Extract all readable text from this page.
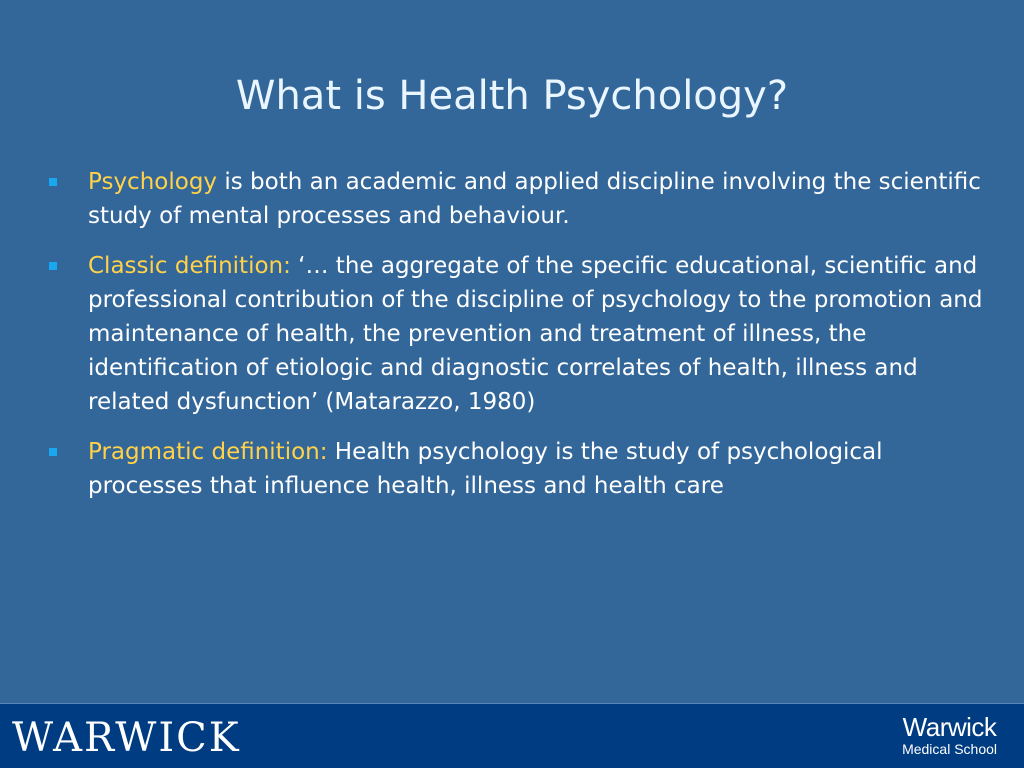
What is Health Psychology?
Psychology is both an academic and applied discipline involving the scientific study of mental processes and behaviour.
Classic definition: ‘… the aggregate of the specific educational, scientific and professional contribution of the discipline of psychology to the promotion and maintenance of health, the prevention and treatment of illness, the identification of etiologic and diagnostic correlates of health, illness and related dysfunction’ (Matarazzo, 1980)
Pragmatic definition: Health psychology is the study of psychological processes that influence health, illness and health care
WARWICK	Warwick
Medical School
